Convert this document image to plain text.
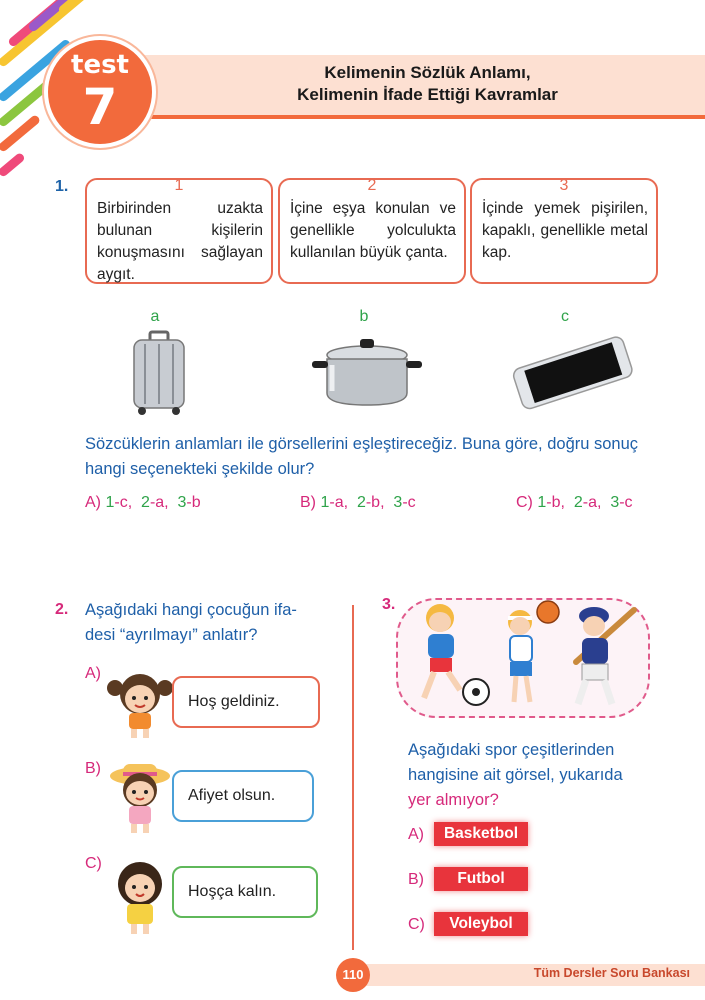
Kelimenin Sözlük Anlamı,
Kelimenin İfade Ettiği Kavramlar
test
7
1.	1
Birbirinden uzakta bulunan kişilerin konuşmasını sağlayan aygıt.
2
İçine eşya konulan ve genellikle yolculukta kullanılan büyük çanta.
3
İçinde yemek pişirilen, kapaklı, genellikle metal kap.
a	b	c
Sözcüklerin anlamları ile görsellerini eşleştireceğiz. Buna göre, doğru sonuç hangi seçenekteki şekilde olur?
A) 1-c,  2-a,  3-b	B) 1-a,  2-b,  3-c	C) 1-b,  2-a,  3-c
2. Aşağıdaki hangi çocuğun ifa-
desi “ayrılmayı” anlatır?
A)
Hoş geldiniz.
B)
Afiyet olsun.
C)
Hoşça kalın.
3.
Aşağıdaki spor çeşitlerinden
hangisine ait görsel, yukarıda
yer almıyor?
A)	Basketbol
B)	Futbol
C)	Voleybol
110	Tüm Dersler Soru Bankası
